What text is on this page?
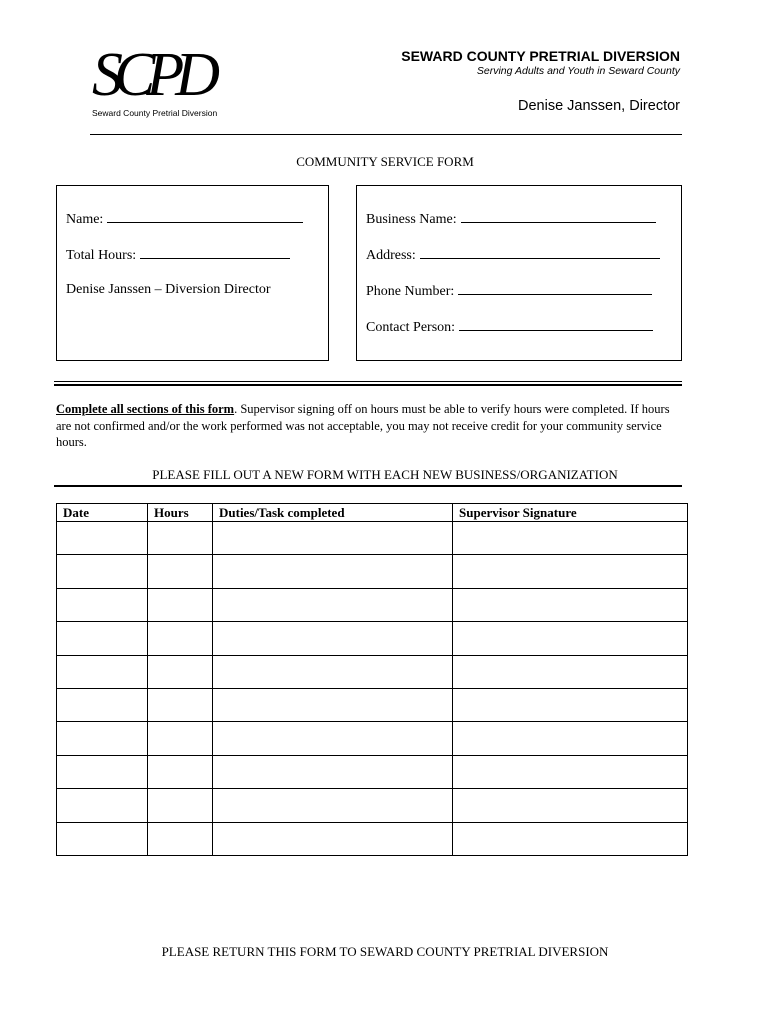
SCPD
Seward County Pretrial Diversion
SEWARD COUNTY PRETRIAL DIVERSION
Serving Adults and Youth in Seward County
Denise Janssen, Director
COMMUNITY SERVICE FORM
Name:
Total Hours:
Denise Janssen – Diversion Director
Business Name:
Address:
Phone Number:
Contact Person:
Complete all sections of this form. Supervisor signing off on hours must be able to verify hours were completed. If hours are not confirmed and/or the work performed was not acceptable, you may not receive credit for your community service hours.
PLEASE FILL OUT A NEW FORM WITH EACH NEW BUSINESS/ORGANIZATION
Date	Hours	Duties/Task completed	Supervisor Signature

PLEASE RETURN THIS FORM TO SEWARD COUNTY PRETRIAL DIVERSION
